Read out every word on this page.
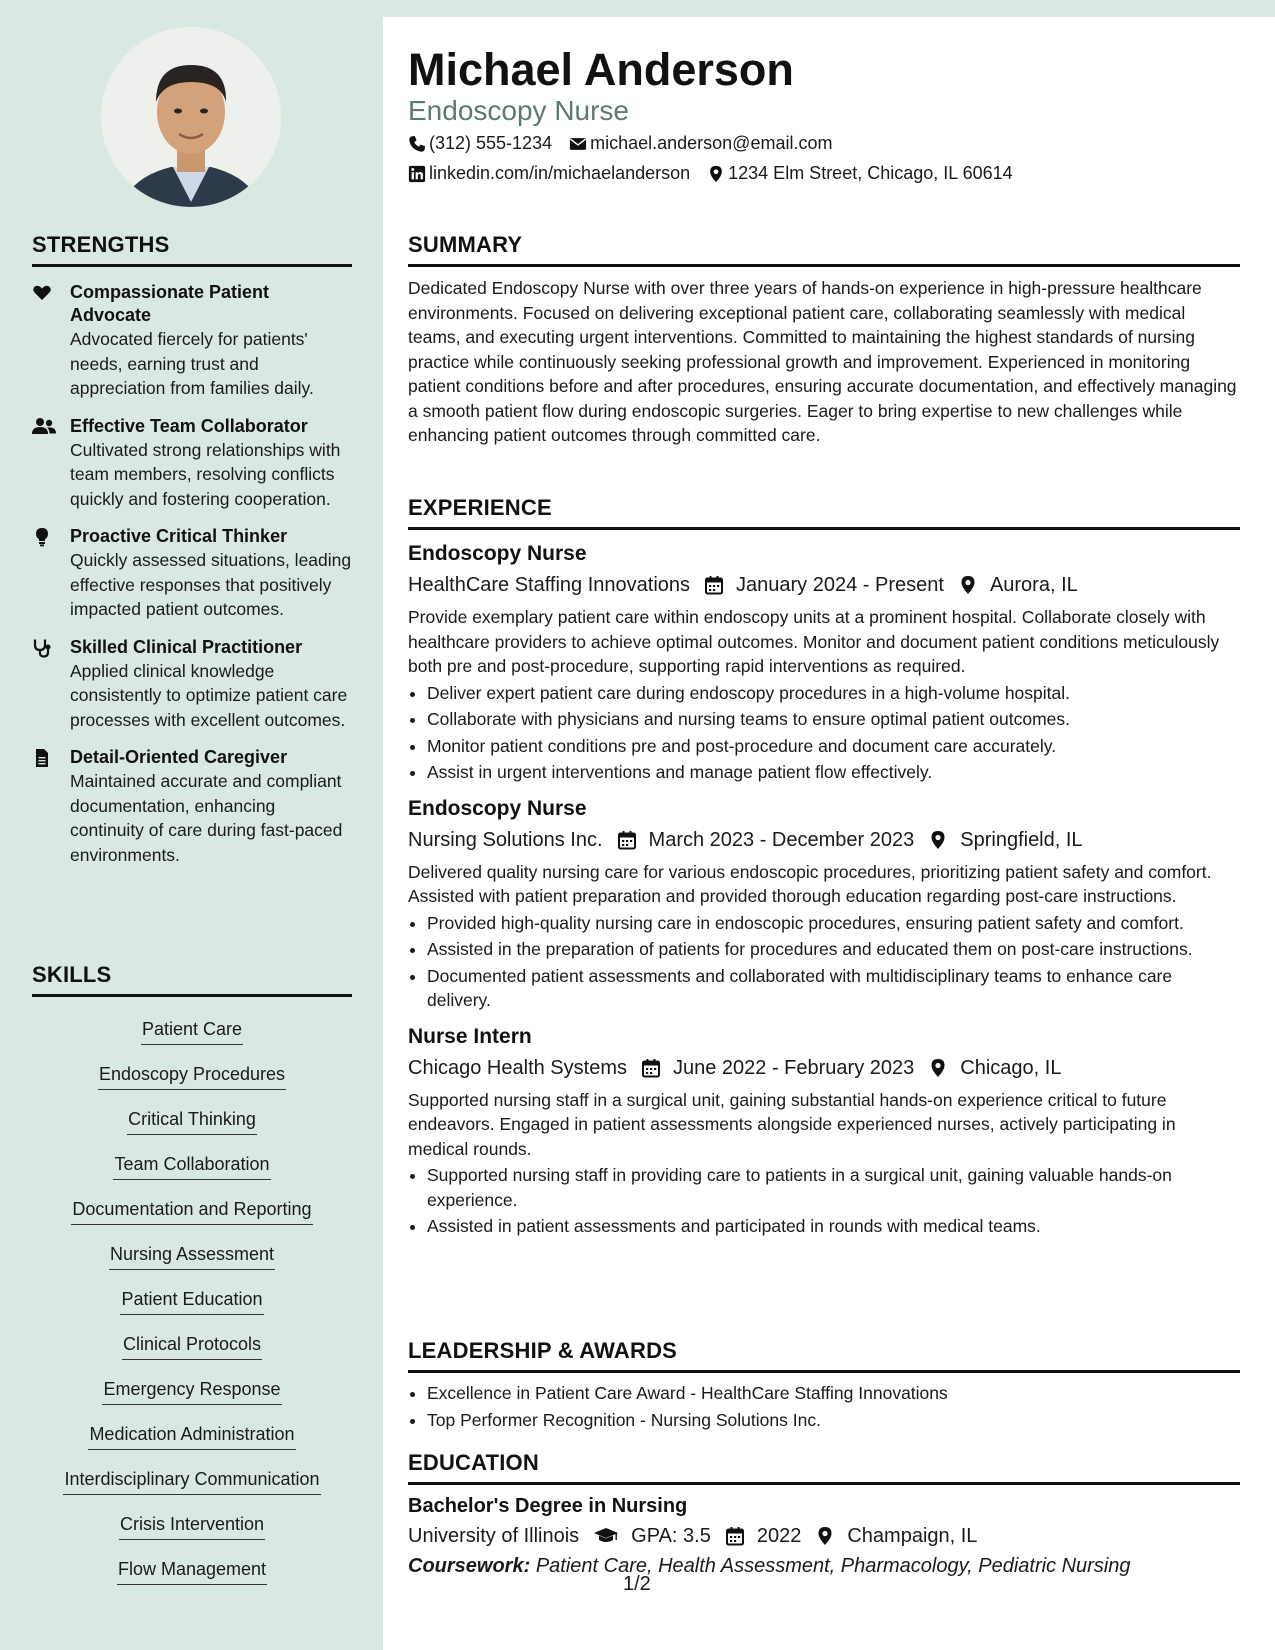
STRENGTHS
Compassionate Patient Advocate
Advocated fiercely for patients' needs, earning trust and appreciation from families daily.
Effective Team Collaborator
Cultivated strong relationships with team members, resolving conflicts quickly and fostering cooperation.
Proactive Critical Thinker
Quickly assessed situations, leading effective responses that positively impacted patient outcomes.
Skilled Clinical Practitioner
Applied clinical knowledge consistently to optimize patient care processes with excellent outcomes.
Detail-Oriented Caregiver
Maintained accurate and compliant documentation, enhancing continuity of care during fast-paced environments.
SKILLS
Patient Care
Endoscopy Procedures
Critical Thinking
Team Collaboration
Documentation and Reporting
Nursing Assessment
Patient Education
Clinical Protocols
Emergency Response
Medication Administration
Interdisciplinary Communication
Crisis Intervention
Flow Management
Michael Anderson
Endoscopy Nurse
(312) 555-1234 michael.anderson@email.com
linkedin.com/in/michaelanderson 1234 Elm Street, Chicago, IL 60614
SUMMARY

Dedicated Endoscopy Nurse with over three years of hands-on experience in high-pressure healthcare environments. Focused on delivering exceptional patient care, collaborating seamlessly with medical teams, and executing urgent interventions. Committed to maintaining the highest standards of nursing practice while continuously seeking professional growth and improvement. Experienced in monitoring patient conditions before and after procedures, ensuring accurate documentation, and effectively managing a smooth patient flow during endoscopic surgeries. Eager to bring expertise to new challenges while enhancing patient outcomes through committed care.

EXPERIENCE
Endoscopy Nurse
HealthCare Staffing Innovations January 2024 - Present Aurora, IL

Provide exemplary patient care within endoscopy units at a prominent hospital. Collaborate closely with healthcare providers to achieve optimal outcomes. Monitor and document patient conditions meticulously both pre and post-procedure, supporting rapid interventions as required.

• Deliver expert patient care during endoscopy procedures in a high-volume hospital.
• Collaborate with physicians and nursing teams to ensure optimal patient outcomes.
• Monitor patient conditions pre and post-procedure and document care accurately.
• Assist in urgent interventions and manage patient flow effectively.
Endoscopy Nurse
Nursing Solutions Inc. March 2023 - December 2023 Springfield, IL

Delivered quality nursing care for various endoscopic procedures, prioritizing patient safety and comfort. Assisted with patient preparation and provided thorough education regarding post-care instructions.

• Provided high-quality nursing care in endoscopic procedures, ensuring patient safety and comfort.
• Assisted in the preparation of patients for procedures and educated them on post-care instructions.
• Documented patient assessments and collaborated with multidisciplinary teams to enhance care delivery.
Nurse Intern
Chicago Health Systems June 2022 - February 2023 Chicago, IL

Supported nursing staff in a surgical unit, gaining substantial hands-on experience critical to future endeavors. Engaged in patient assessments alongside experienced nurses, actively participating in medical rounds.

• Supported nursing staff in providing care to patients in a surgical unit, gaining valuable hands-on experience.
• Assisted in patient assessments and participated in rounds with medical teams.
LEADERSHIP & AWARDS
• Excellence in Patient Care Award - HealthCare Staffing Innovations
• Top Performer Recognition - Nursing Solutions Inc.
EDUCATION
Bachelor's Degree in Nursing
University of Illinois	GPA: 3.5 2022 Champaign, IL
Coursework: Patient Care, Health Assessment, Pharmacology, Pediatric Nursing
1/2
